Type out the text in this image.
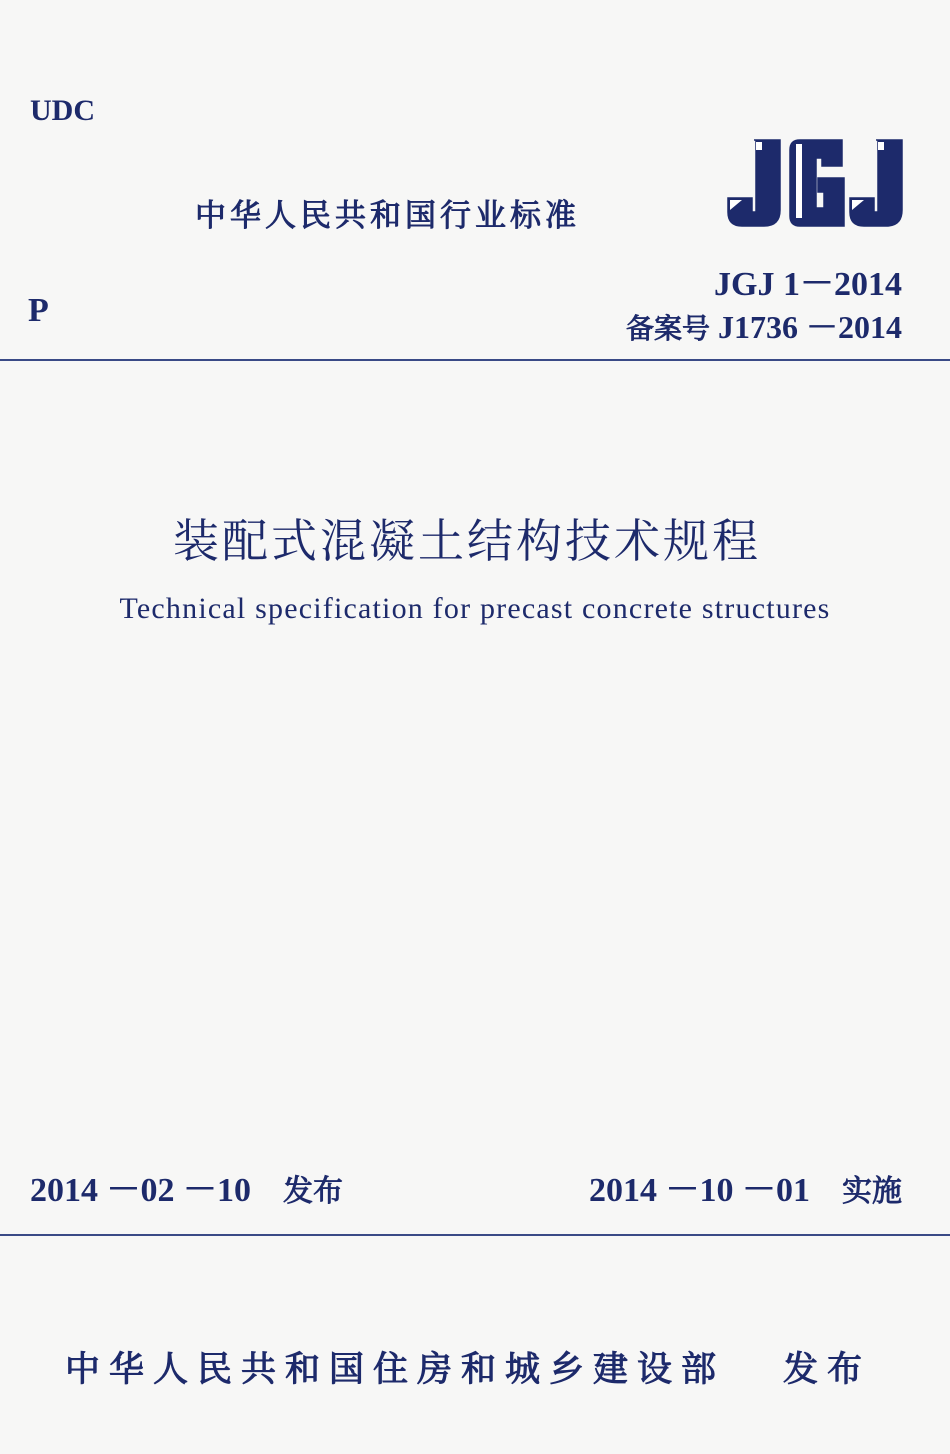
UDC
中华人民共和国行业标准
JGJ 1－2014
P	备案号 J1736 －2014
装配式混凝土结构技术规程
Technical specification for precast concrete structures
2014 －02 －10 发布	2014 －10 －01 实施
中华人民共和国住房和城乡建设部 发布
